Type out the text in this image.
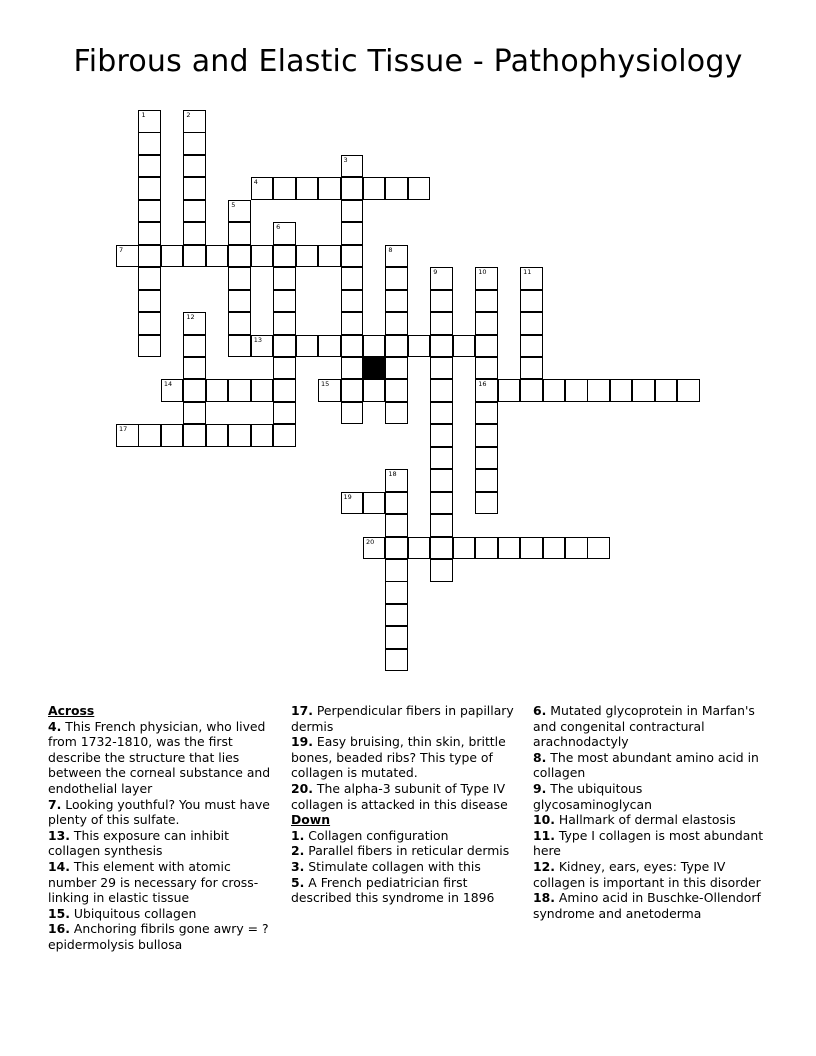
Fibrous and Elastic Tissue - Pathophysiology
1	2
3
4
5
6
7	8
9	10
16
11
12
13
14	15
17
18
19
20
Across
4. This French physician, who lived from 1732-1810, was the first describe the structure that lies between the corneal substance and endothelial layer
7. Looking youthful? You must have plenty of this sulfate.
13. This exposure can inhibit collagen synthesis
14. This element with atomic number 29 is necessary for cross-linking in elastic tissue
15. Ubiquitous collagen
16. Anchoring fibrils gone awry = ? epidermolysis bullosa
17. Perpendicular fibers in papillary dermis
19. Easy bruising, thin skin, brittle bones, beaded ribs? This type of collagen is mutated.
20. The alpha-3 subunit of Type IV collagen is attacked in this disease
Down
1. Collagen configuration
2. Parallel fibers in reticular dermis
3. Stimulate collagen with this
5. A French pediatrician first described this syndrome in 1896
6. Mutated glycoprotein in Marfan's and congenital contractural arachnodactyly
8. The most abundant amino acid in collagen
9. The ubiquitous glycosaminoglycan
10. Hallmark of dermal elastosis
11. Type I collagen is most abundant here
12. Kidney, ears, eyes: Type IV collagen is important in this disorder
18. Amino acid in Buschke-Ollendorf syndrome and anetoderma
